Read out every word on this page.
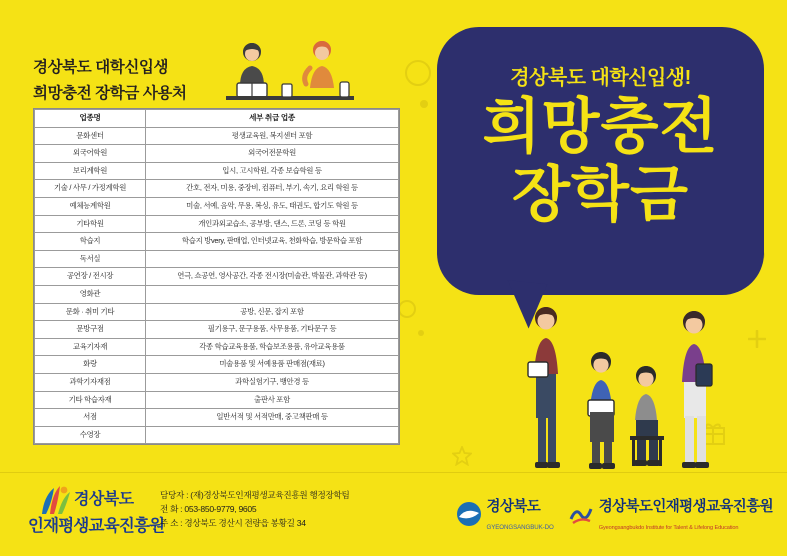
경상북도 대학신입생
희망충전 장학금 사용처
경상북도 대학신입생!
희망충전
장학금
업종명	세부 취급 업종
문화센터	평생교육원, 복지센터 포함
외국어학원	외국어전문학원
보리계학원	입시, 고시학원, 각종 보습학원 등
기술 / 사무 / 가정계학원	간호, 전자, 미용, 중장비, 컴퓨터, 부기, 속기, 요리 학원 등
예체능계학원	미술, 서예, 음악, 무용, 복싱, 유도, 태권도, 합기도 학원 등
기타학원	개인과외교습소, 공부방, 댄스, 드론, 코딩 등 학원
학습지	학습지 방very, 판매업, 인터넷교육, 천화학습, 방문학습 포함
독서실	
공연장 / 전시장	연극, 쇼공연, 영사공간, 각종 전시장(미술관, 박물관, 과학관 등)
영화관	
문화 · 취미 기타	공방, 신문, 잡지 포함
문방구점	필기용구, 문구용품, 사무용품, 기타문구 등
교육기자재	각종 학습교육용품, 학습보조용품, 유아교육용품
화랑	미술용품 및 서예용품 판매점(재료)
과학기자재점	과학실험기구, 뱅안경 등
기타 학습자재	출판사 포함
서점	일반서적 및 서적만매, 중고책판매 등
수영장	
경상북도
인재평생교육진흥원
담당자 : (재)경상북도인재평생교육진흥원 행정장학팀
전 화 : 053-850-9779, 9605
주 소 : 경상북도 경산시 전량읍 봉황길 34
경상북도
GYEONGSANGBUK-DO
경상북도인재평생교육진흥원
Gyeongsangbukdo Institute for Talent & Lifelong Education
